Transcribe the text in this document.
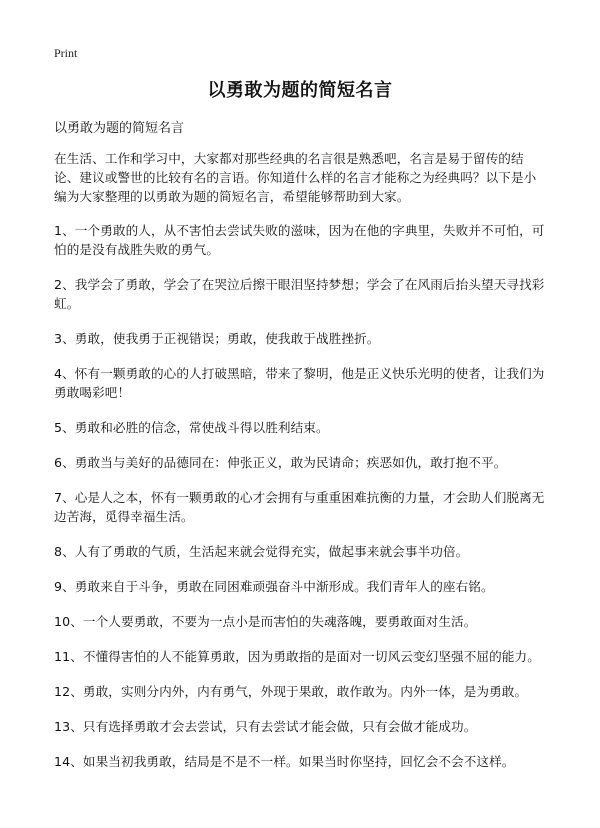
Print
以勇敢为题的简短名言
以勇敢为题的简短名言

在生活、工作和学习中，大家都对那些经典的名言很是熟悉吧，名言是易于留传的结论、建议或警世的比较有名的言语。你知道什么样的名言才能称之为经典吗？以下是小编为大家整理的以勇敢为题的简短名言，希望能够帮助到大家。

1、一个勇敢的人，从不害怕去尝试失败的滋味，因为在他的字典里，失败并不可怕，可怕的是没有战胜失败的勇气。

2、我学会了勇敢，学会了在哭泣后擦干眼泪坚持梦想；学会了在风雨后抬头望天寻找彩虹。

3、勇敢，使我勇于正视错误；勇敢，使我敢于战胜挫折。

4、怀有一颗勇敢的心的人打破黑暗，带来了黎明，他是正义快乐光明的使者，让我们为勇敢喝彩吧！

5、勇敢和必胜的信念，常使战斗得以胜利结束。

6、勇敢当与美好的品德同在：伸张正义，敢为民请命；疾恶如仇，敢打抱不平。

7、心是人之本，怀有一颗勇敢的心才会拥有与重重困难抗衡的力量，才会助人们脱离无边苦海，觅得幸福生活。

8、人有了勇敢的气质，生活起来就会觉得充实，做起事来就会事半功倍。

9、勇敢来自于斗争，勇敢在同困难顽强奋斗中渐形成。我们青年人的座右铭。

10、一个人要勇敢，不要为一点小是而害怕的失魂落魄，要勇敢面对生活。

11、不懂得害怕的人不能算勇敢，因为勇敢指的是面对一切风云变幻坚强不屈的能力。

12、勇敢，实则分内外，内有勇气，外现于果敢，敢作敢为。内外一体，是为勇敢。

13、只有选择勇敢才会去尝试，只有去尝试才能会做，只有会做才能成功。

14、如果当初我勇敢，结局是不是不一样。如果当时你坚持，回忆会不会不这样。
